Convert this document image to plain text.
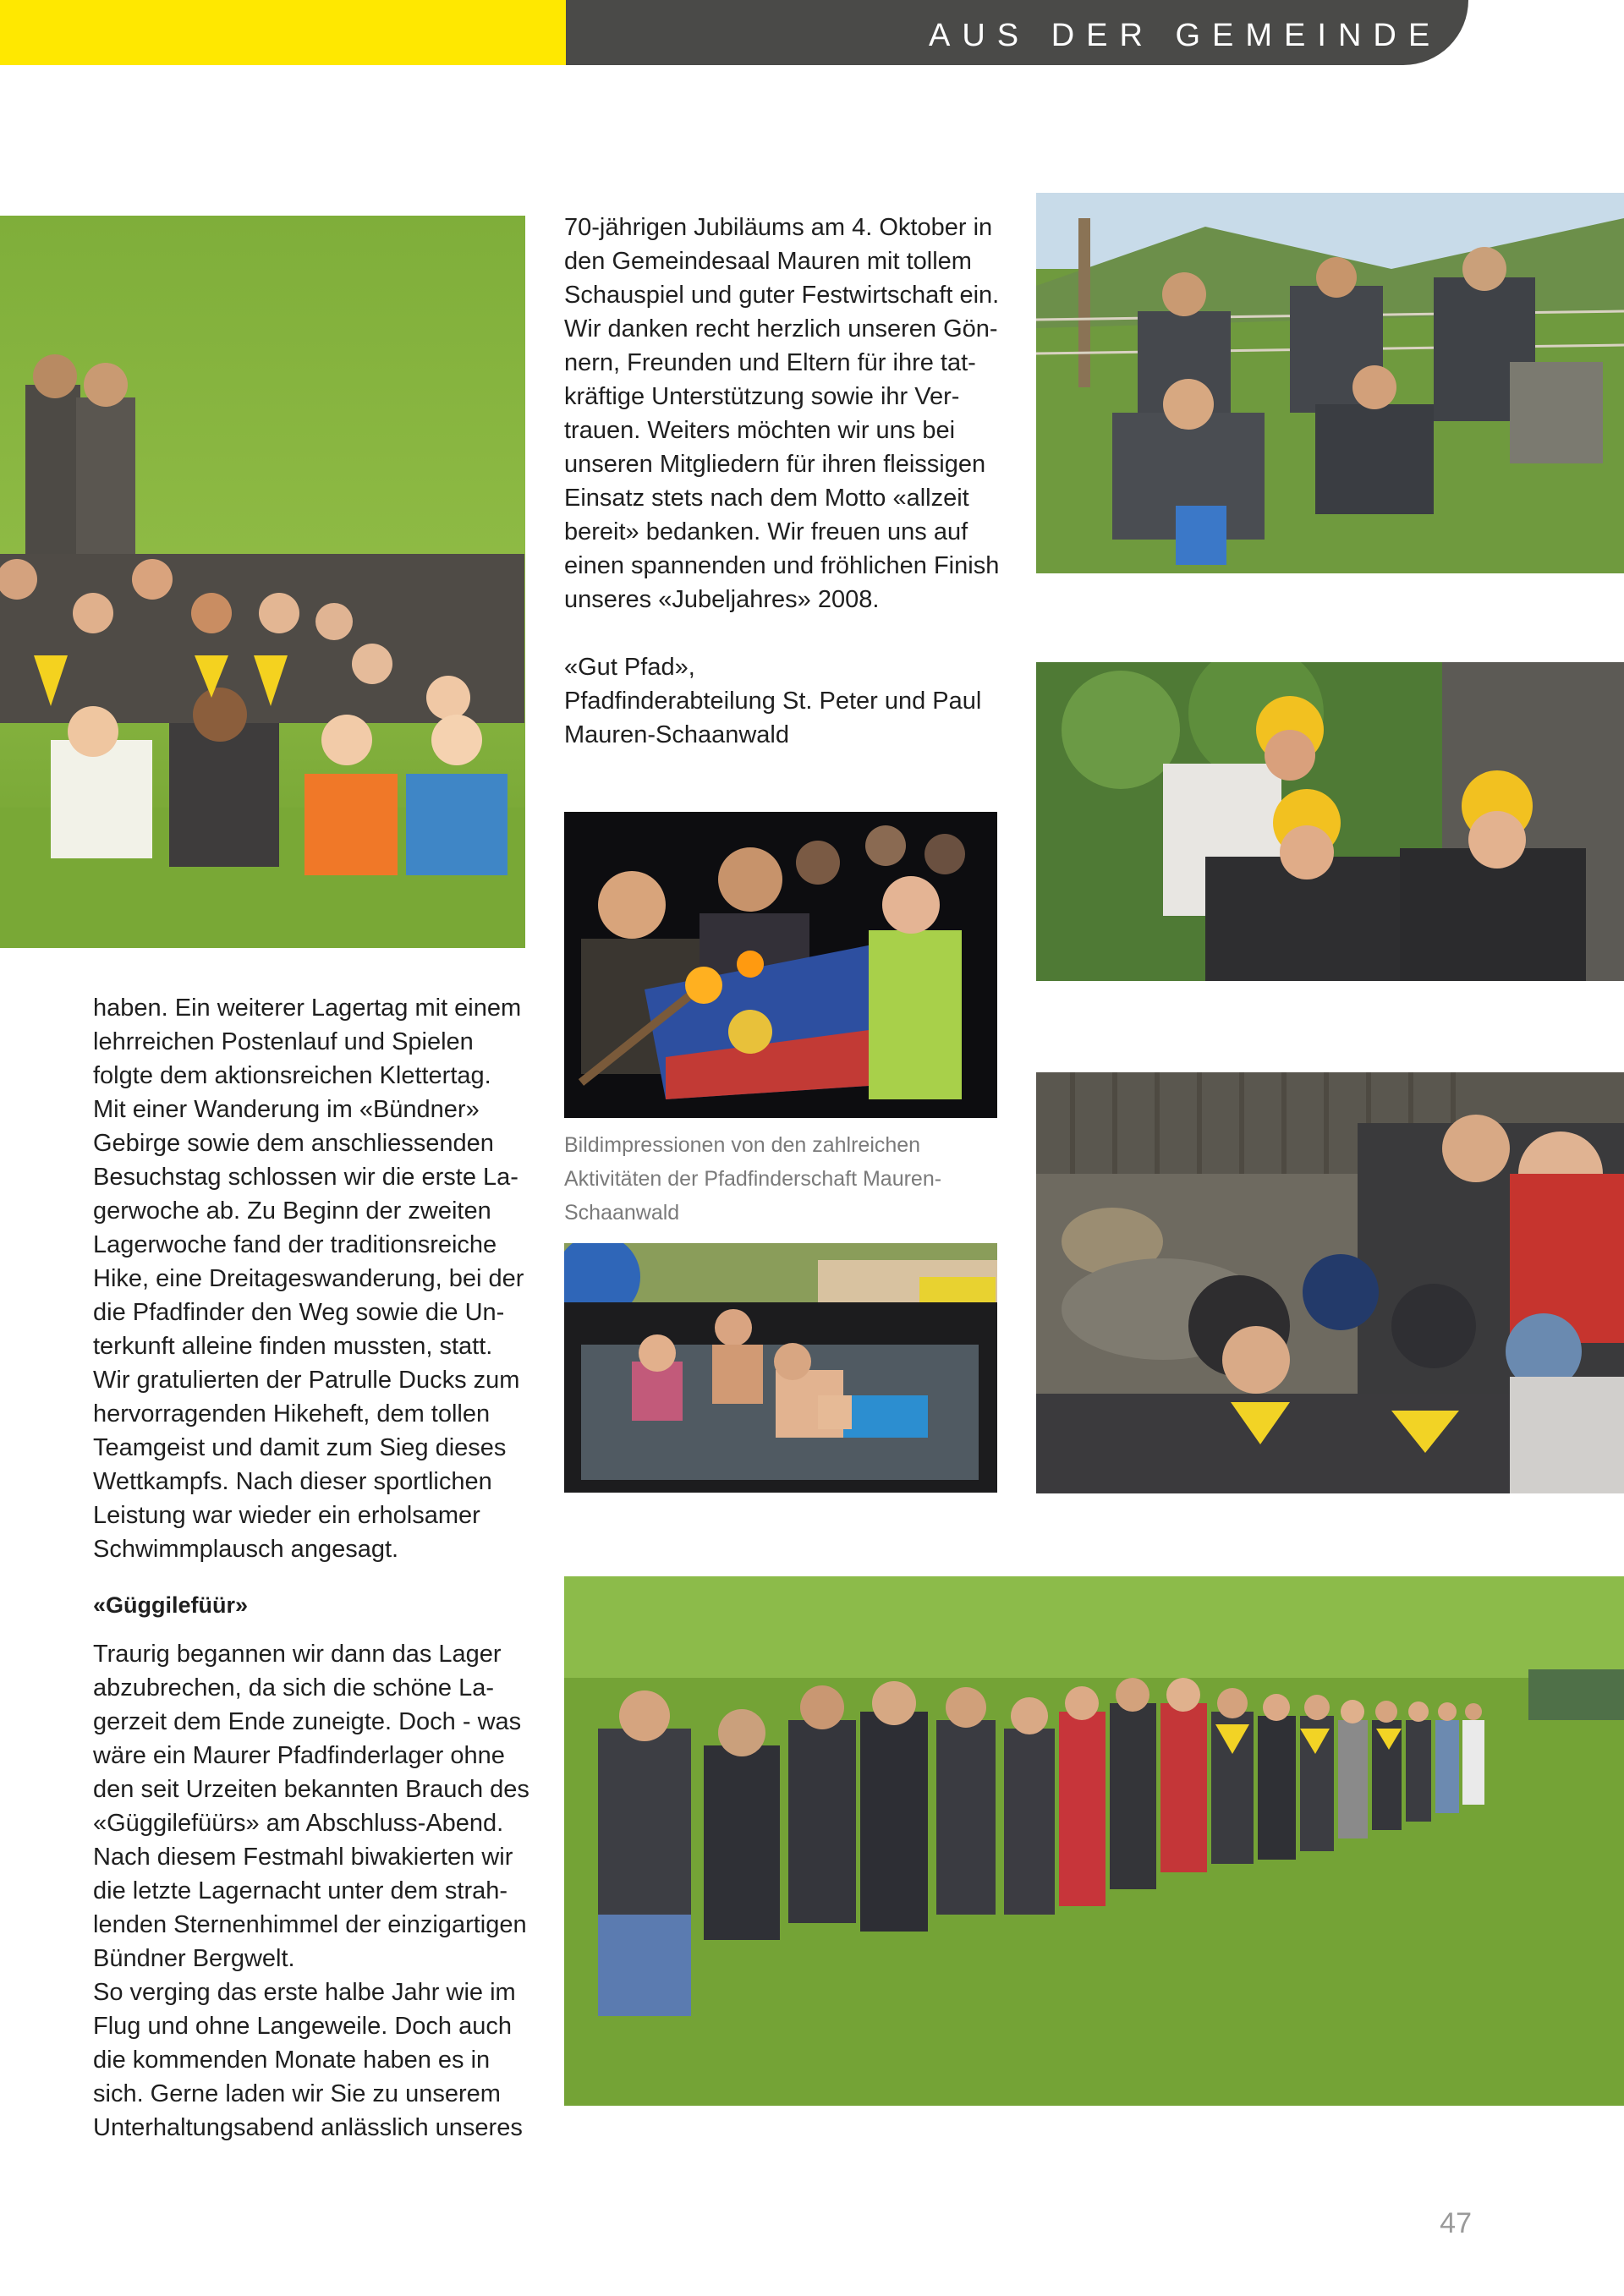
AUS DER GEMEINDE

70-jährigen Jubiläums am 4. Oktober in

den Gemeindesaal Mauren mit tollem

Schauspiel und guter Festwirtschaft ein.

Wir danken recht herzlich unseren Gön-

nern, Freunden und Eltern für ihre tat-

kräftige Unterstützung sowie ihr Ver-

trauen. Weiters möchten wir uns bei

unseren Mitgliedern für ihren fleissigen

Einsatz stets nach dem Motto «allzeit

bereit» bedanken. Wir freuen uns auf

einen spannenden und fröhlichen Finish

unseres «Jubeljahres» 2008.

«Gut Pfad»,

Pfadfinderabteilung St. Peter und Paul

Mauren-Schaanwald

haben. Ein weiterer Lagertag mit einem

lehrreichen Postenlauf und Spielen

folgte dem aktionsreichen Klettertag.

Mit einer Wanderung im «Bündner»

Gebirge sowie dem anschliessenden

Besuchstag schlossen wir die erste La-

gerwoche ab. Zu Beginn der zweiten

Lagerwoche fand der traditionsreiche

Hike, eine Dreitageswanderung, bei der

die Pfadfinder den Weg sowie die Un-

terkunft alleine finden mussten, statt.

Wir gratulierten der Patrulle Ducks zum

hervorragenden Hikeheft, dem tollen

Teamgeist und damit zum Sieg dieses

Wettkampfs. Nach dieser sportlichen

Leistung war wieder ein erholsamer

Schwimmplausch angesagt.

«Güggilefüür»

Traurig begannen wir dann das Lager

abzubrechen, da sich die schöne La-

gerzeit dem Ende zuneigte. Doch - was

wäre ein Maurer Pfadfinderlager ohne

den seit Urzeiten bekannten Brauch des

«Güggilefüürs» am Abschluss-Abend.

Nach diesem Festmahl biwakierten wir

die letzte Lagernacht unter dem strah-

lenden Sternenhimmel der einzigartigen

Bündner Bergwelt.

So verging das erste halbe Jahr wie im

Flug und ohne Langeweile. Doch auch

die kommenden Monate haben es in

sich. Gerne laden wir Sie zu unserem

Unterhaltungsabend anlässlich unseres

Bildimpressionen von den zahlreichen
Aktivitäten der Pfadfinderschaft Mauren-
Schaanwald
47
